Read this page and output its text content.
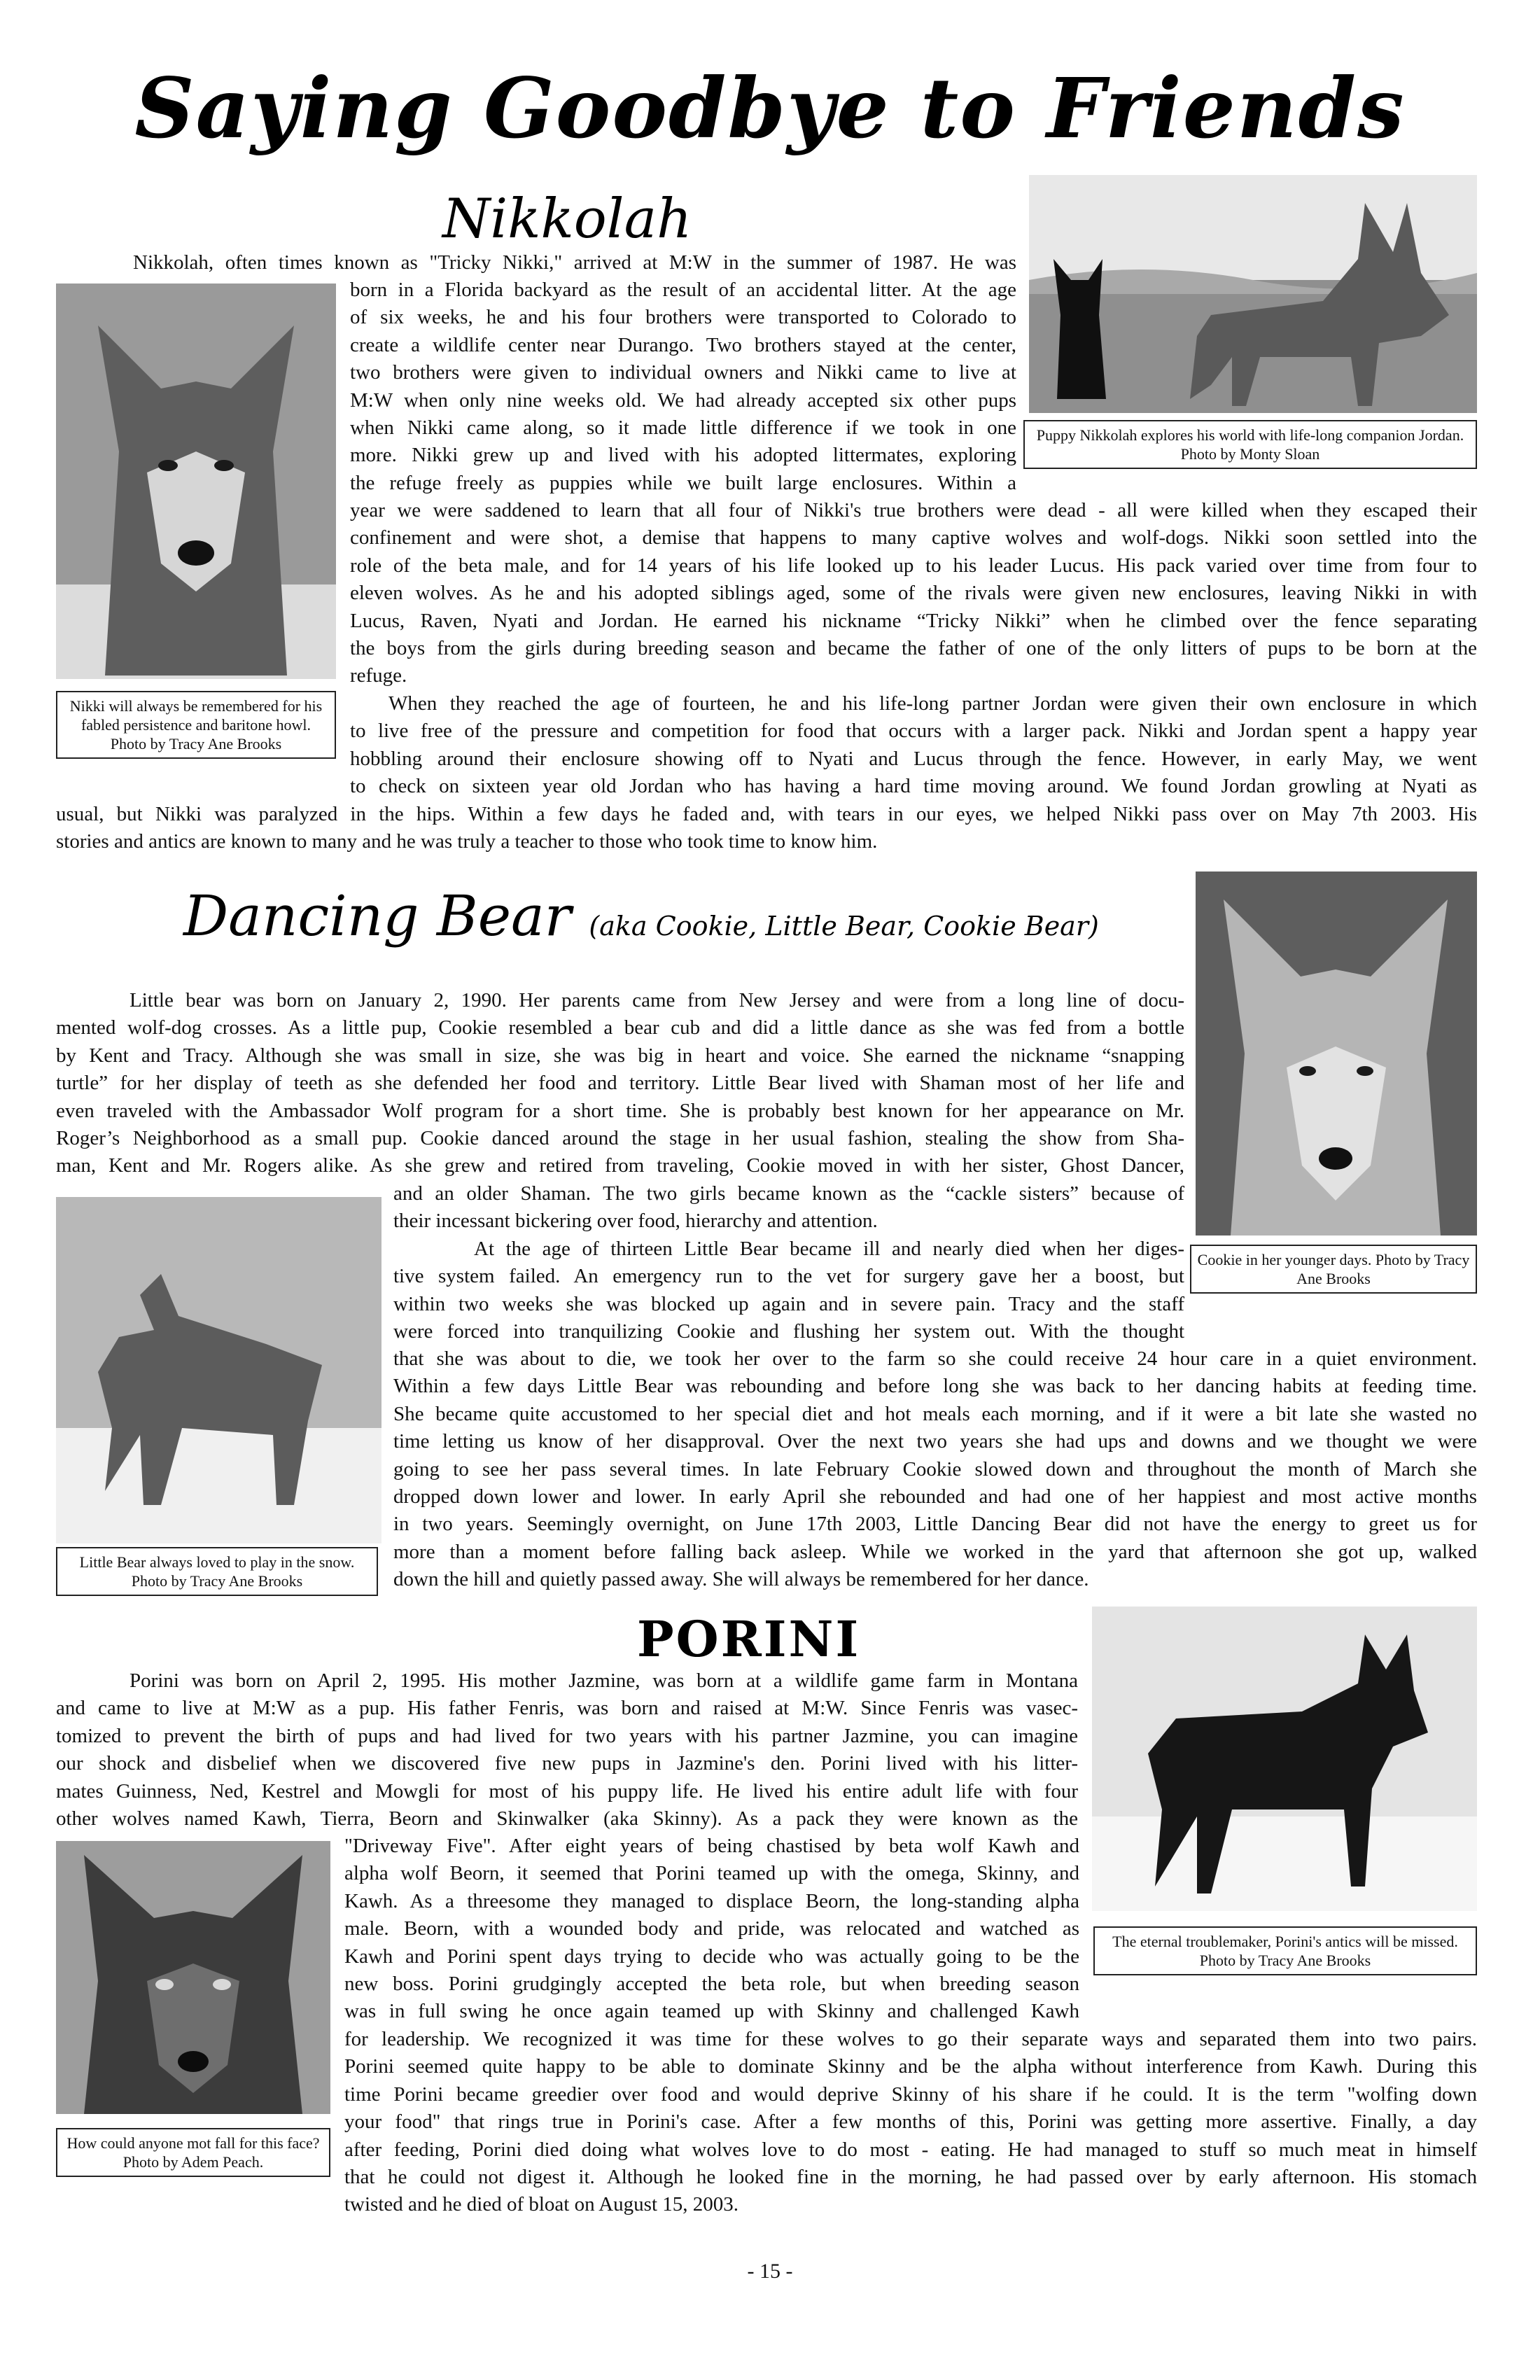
Saying Goodbye to Friends
Nikkolah
Nikki will always be remembered for his fabled persistence and baritone howl. Photo by Tracy Ane Brooks
Puppy Nikkolah explores his world with life-long companion Jordan. Photo by Monty Sloan
Nikkolah, often times known as "Tricky Nikki," arrived at M:W in the summer of 1987. He was
born in a Florida backyard as the result of an accidental litter. At the age
of six weeks, he and his four brothers were transported to Colorado to
create a wildlife center near Durango. Two brothers stayed at the center,
two brothers were given to individual owners and Nikki came to live at
M:W when only nine weeks old. We had already accepted six other pups
when Nikki came along, so it made little difference if we took in one
more. Nikki grew up and lived with his adopted littermates, exploring
the refuge freely as puppies while we built large enclosures. Within a
year we were saddened to learn that all four of Nikki's true brothers were dead - all were killed when they escaped their
confinement and were shot, a demise that happens to many captive wolves and wolf-dogs. Nikki soon settled into the
role of the beta male, and for 14 years of his life looked up to his leader Lucus. His pack varied over time from four to
eleven wolves. As he and his adopted siblings aged, some of the rivals were given new enclosures, leaving Nikki in with
Lucus, Raven, Nyati and Jordan. He earned his nickname “Tricky Nikki” when he climbed over the fence separating
the boys from the girls during breeding season and became the father of one of the only litters of pups to be born at the
refuge.
When they reached the age of fourteen, he and his life-long partner Jordan were given their own enclosure in which
to live free of the pressure and competition for food that occurs with a larger pack. Nikki and Jordan spent a happy year
hobbling around their enclosure showing off to Nyati and Lucus through the fence. However, in early May, we went
to check on sixteen year old Jordan who has having a hard time moving around. We found Jordan growling at Nyati as
usual, but Nikki was paralyzed in the hips. Within a few days he faded and, with tears in our eyes, we helped Nikki pass over on May 7th 2003. His
stories and antics are known to many and he was truly a teacher to those who took time to know him.
Dancing Bear (aka Cookie, Little Bear, Cookie Bear)
Cookie in her younger days. Photo by Tracy Ane Brooks
Little Bear always loved to play in the snow. Photo by Tracy Ane Brooks
Little bear was born on January 2, 1990. Her parents came from New Jersey and were from a long line of docu-
mented wolf-dog crosses. As a little pup, Cookie resembled a bear cub and did a little dance as she was fed from a bottle
by Kent and Tracy. Although she was small in size, she was big in heart and voice. She earned the nickname “snapping
turtle” for her display of teeth as she defended her food and territory. Little Bear lived with Shaman most of her life and
even traveled with the Ambassador Wolf program for a short time. She is probably best known for her appearance on Mr.
Roger’s Neighborhood as a small pup. Cookie danced around the stage in her usual fashion, stealing the show from Sha-
man, Kent and Mr. Rogers alike. As she grew and retired from traveling, Cookie moved in with her sister, Ghost Dancer,
and an older Shaman. The two girls became known as the “cackle sisters” because of
their incessant bickering over food, hierarchy and attention.
At the age of thirteen Little Bear became ill and nearly died when her diges-
tive system failed. An emergency run to the vet for surgery gave her a boost, but
within two weeks she was blocked up again and in severe pain. Tracy and the staff
were forced into tranquilizing Cookie and flushing her system out. With the thought
that she was about to die, we took her over to the farm so she could receive 24 hour care in a quiet environment.
Within a few days Little Bear was rebounding and before long she was back to her dancing habits at feeding time.
She became quite accustomed to her special diet and hot meals each morning, and if it were a bit late she wasted no
time letting us know of her disapproval. Over the next two years she had ups and downs and we thought we were
going to see her pass several times. In late February Cookie slowed down and throughout the month of March she
dropped down lower and lower. In early April she rebounded and had one of her happiest and most active months
in two years. Seemingly overnight, on June 17th 2003, Little Dancing Bear did not have the energy to greet us for
more than a moment before falling back asleep. While we worked in the yard that afternoon she got up, walked
down the hill and quietly passed away. She will always be remembered for her dance.
PORINI
The eternal troublemaker, Porini's antics will be missed. Photo by Tracy Ane Brooks
How could anyone mot fall for this face? Photo by Adem Peach.
Porini was born on April 2, 1995. His mother Jazmine, was born at a wildlife game farm in Montana
and came to live at M:W as a pup. His father Fenris, was born and raised at M:W. Since Fenris was vasec-
tomized to prevent the birth of pups and had lived for two years with his partner Jazmine, you can imagine
our shock and disbelief when we discovered five new pups in Jazmine's den. Porini lived with his litter-
mates Guinness, Ned, Kestrel and Mowgli for most of his puppy life. He lived his entire adult life with four
other wolves named Kawh, Tierra, Beorn and Skinwalker (aka Skinny). As a pack they were known as the
"Driveway Five". After eight years of being chastised by beta wolf Kawh and
alpha wolf Beorn, it seemed that Porini teamed up with the omega, Skinny, and
Kawh. As a threesome they managed to displace Beorn, the long-standing alpha
male. Beorn, with a wounded body and pride, was relocated and watched as
Kawh and Porini spent days trying to decide who was actually going to be the
new boss. Porini grudgingly accepted the beta role, but when breeding season
was in full swing he once again teamed up with Skinny and challenged Kawh
for leadership. We recognized it was time for these wolves to go their separate ways and separated them into two pairs.
Porini seemed quite happy to be able to dominate Skinny and be the alpha without interference from Kawh. During this
time Porini became greedier over food and would deprive Skinny of his share if he could. It is the term "wolfing down
your food" that rings true in Porini's case. After a few months of this, Porini was getting more assertive. Finally, a day
after feeding, Porini died doing what wolves love to do most - eating. He had managed to stuff so much meat in himself
that he could not digest it. Although he looked fine in the morning, he had passed over by early afternoon. His stomach
twisted and he died of bloat on August 15, 2003.
- 15 -
